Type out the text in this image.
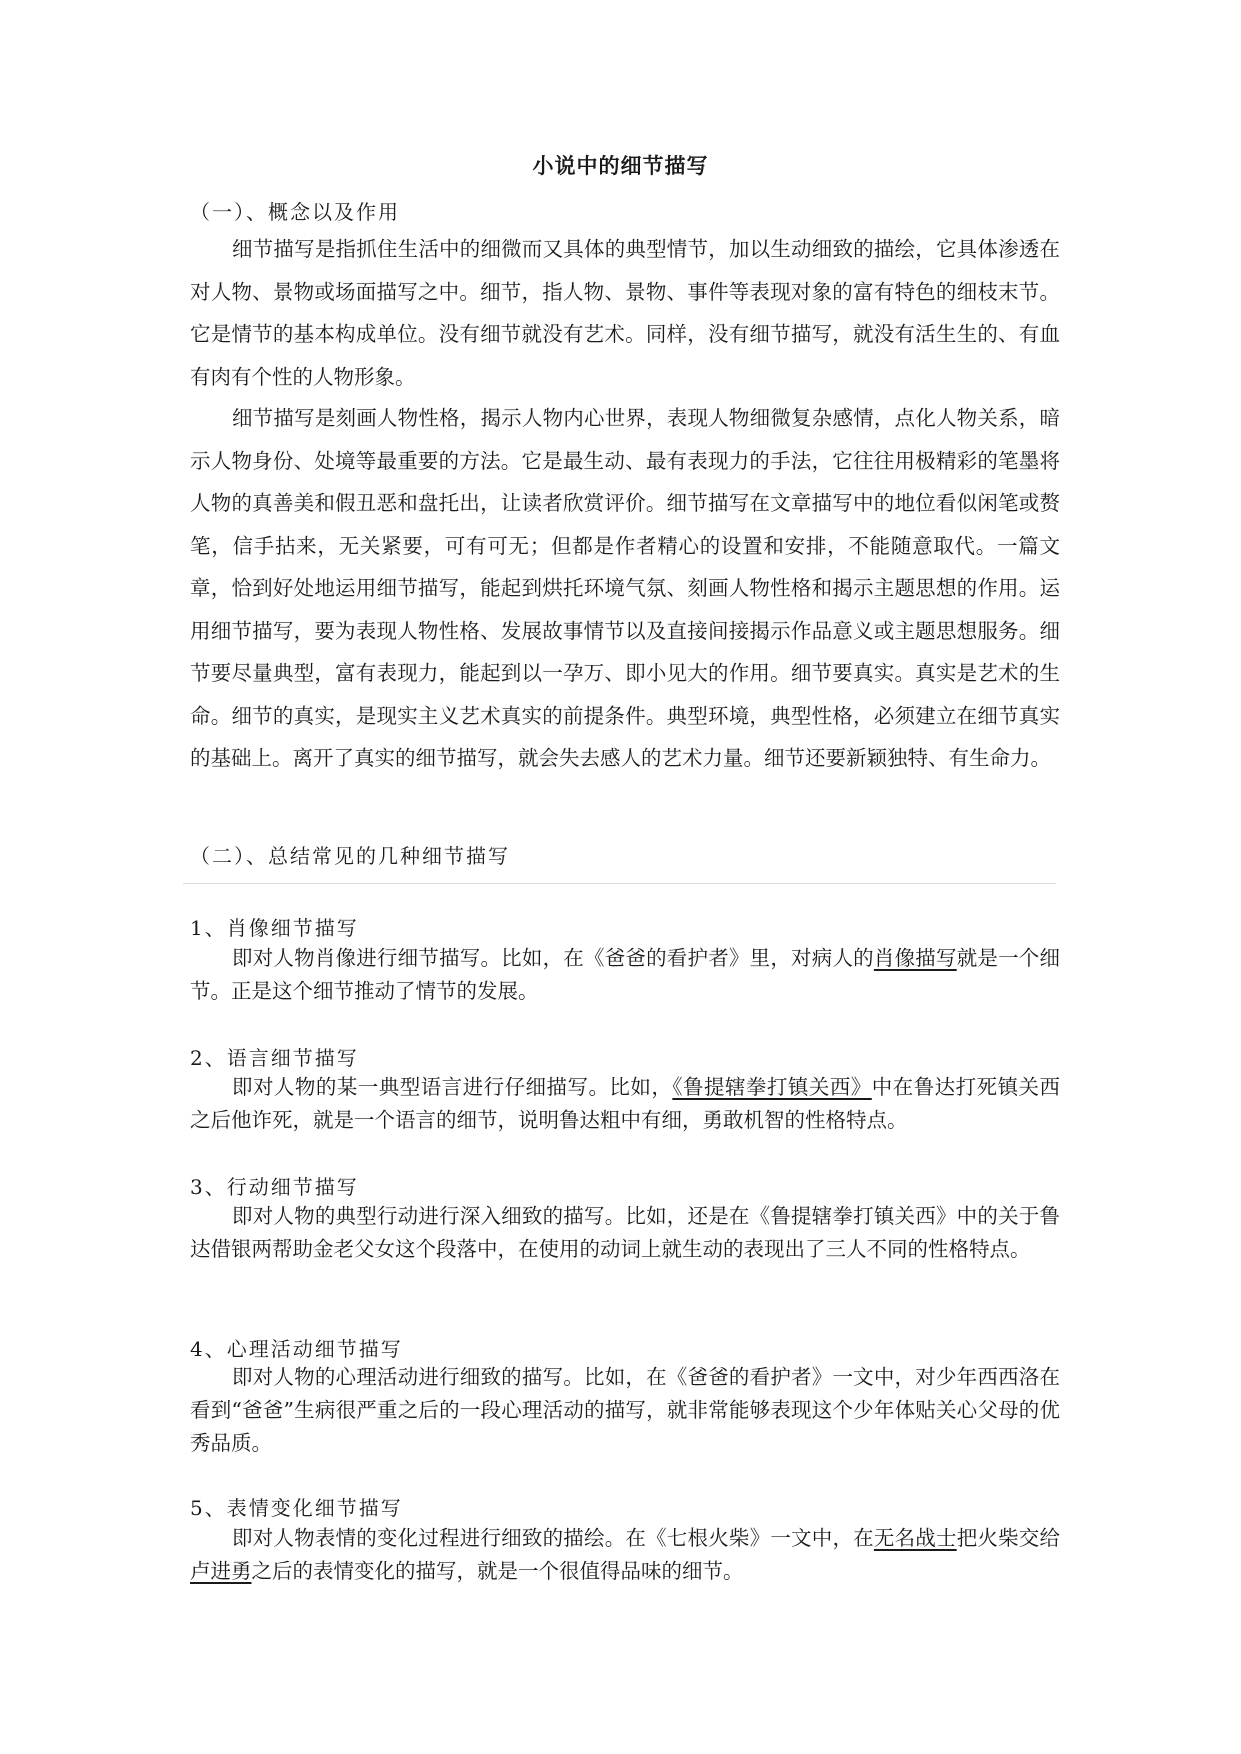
小说中的细节描写
（一）、概念以及作用
细节描写是指抓住生活中的细微而又具体的典型情节，加以生动细致的描绘，它具体渗透在对人物、景物或场面描写之中。细节，指人物、景物、事件等表现对象的富有特色的细枝末节。它是情节的基本构成单位。没有细节就没有艺术。同样，没有细节描写，就没有活生生的、有血有肉有个性的人物形象。
细节描写是刻画人物性格，揭示人物内心世界，表现人物细微复杂感情，点化人物关系，暗示人物身份、处境等最重要的方法。它是最生动、最有表现力的手法，它往往用极精彩的笔墨将人物的真善美和假丑恶和盘托出，让读者欣赏评价。细节描写在文章描写中的地位看似闲笔或赘笔，信手拈来，无关紧要，可有可无；但都是作者精心的设置和安排，不能随意取代。一篇文章，恰到好处地运用细节描写，能起到烘托环境气氛、刻画人物性格和揭示主题思想的作用。运用细节描写，要为表现人物性格、发展故事情节以及直接间接揭示作品意义或主题思想服务。细节要尽量典型，富有表现力，能起到以一孕万、即小见大的作用。细节要真实。真实是艺术的生命。细节的真实，是现实主义艺术真实的前提条件。典型环境，典型性格，必须建立在细节真实的基础上。离开了真实的细节描写，就会失去感人的艺术力量。细节还要新颖独特、有生命力。
（二）、总结常见的几种细节描写
1、肖像细节描写
即对人物肖像进行细节描写。比如，在《爸爸的看护者》里，对病人的肖像描写就是一个细节。正是这个细节推动了情节的发展。
2、语言细节描写
即对人物的某一典型语言进行仔细描写。比如，《鲁提辖拳打镇关西》中在鲁达打死镇关西之后他诈死，就是一个语言的细节，说明鲁达粗中有细，勇敢机智的性格特点。
3、行动细节描写
即对人物的典型行动进行深入细致的描写。比如，还是在《鲁提辖拳打镇关西》中的关于鲁达借银两帮助金老父女这个段落中，在使用的动词上就生动的表现出了三人不同的性格特点。
4、心理活动细节描写
即对人物的心理活动进行细致的描写。比如，在《爸爸的看护者》一文中，对少年西西洛在看到“爸爸”生病很严重之后的一段心理活动的描写，就非常能够表现这个少年体贴关心父母的优秀品质。
5、表情变化细节描写
即对人物表情的变化过程进行细致的描绘。在《七根火柴》一文中，在无名战士把火柴交给卢进勇之后的表情变化的描写，就是一个很值得品味的细节。
